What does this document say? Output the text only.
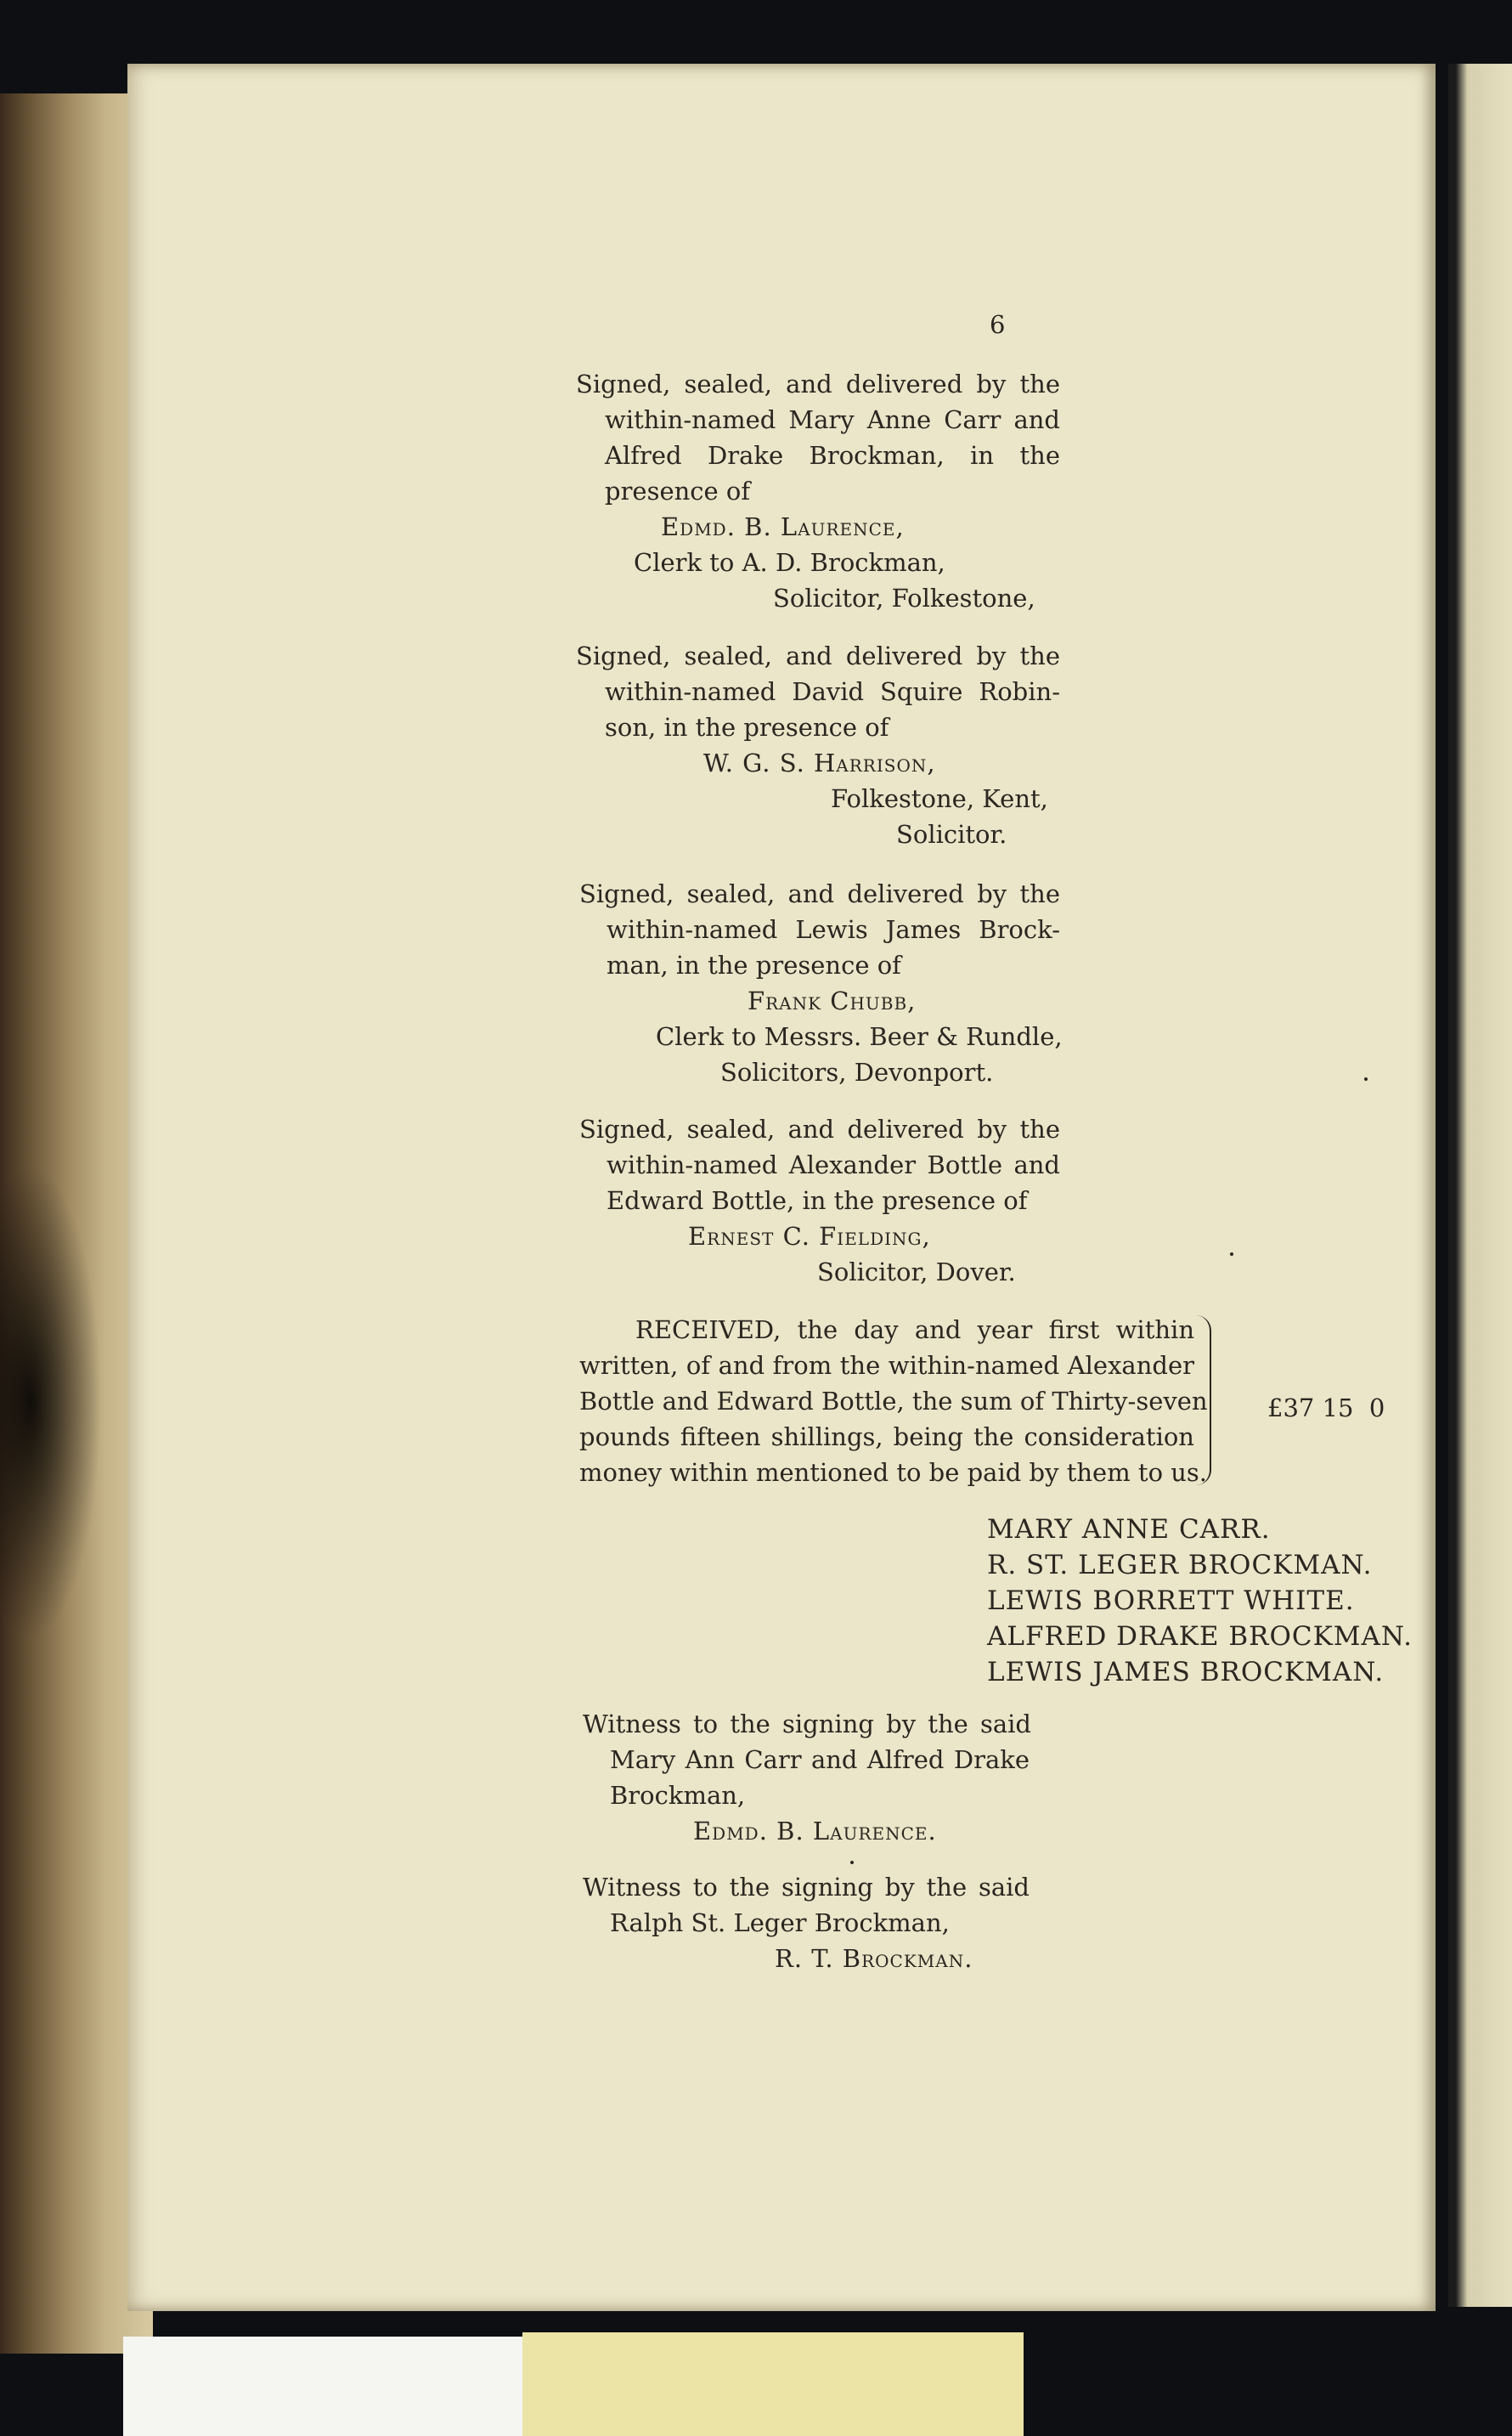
6
Signed, sealed, and delivered by the
within-named Mary Anne Carr and
Alfred Drake Brockman, in the
presence of
Edmd. B. Laurence,
Clerk to A. D. Brockman,
Solicitor, Folkestone,
Signed, sealed, and delivered by the
within-named David Squire Robin-
son, in the presence of
W. G. S. Harrison,
Folkestone, Kent,
Solicitor.
Signed, sealed, and delivered by the
within-named Lewis James Brock-
man, in the presence of
Frank Chubb,
Clerk to Messrs. Beer & Rundle,
Solicitors, Devonport.
Signed, sealed, and delivered by the
within-named Alexander Bottle and
Edward Bottle, in the presence of
Ernest C. Fielding,
Solicitor, Dover.
RECEIVED, the day and year first within
written, of and from the within-named Alexander
Bottle and Edward Bottle, the sum of Thirty-seven
pounds fifteen shillings, being the consideration
money within mentioned to be paid by them to us.
£37 15  0
MARY ANNE CARR.
R. ST. LEGER BROCKMAN.
LEWIS BORRETT WHITE.
ALFRED DRAKE BROCKMAN.
LEWIS JAMES BROCKMAN.
Witness to the signing by the said
Mary Ann Carr and Alfred Drake
Brockman,
Edmd. B. Laurence.
Witness to the signing by the said
Ralph St. Leger Brockman,
R. T. Brockman.
